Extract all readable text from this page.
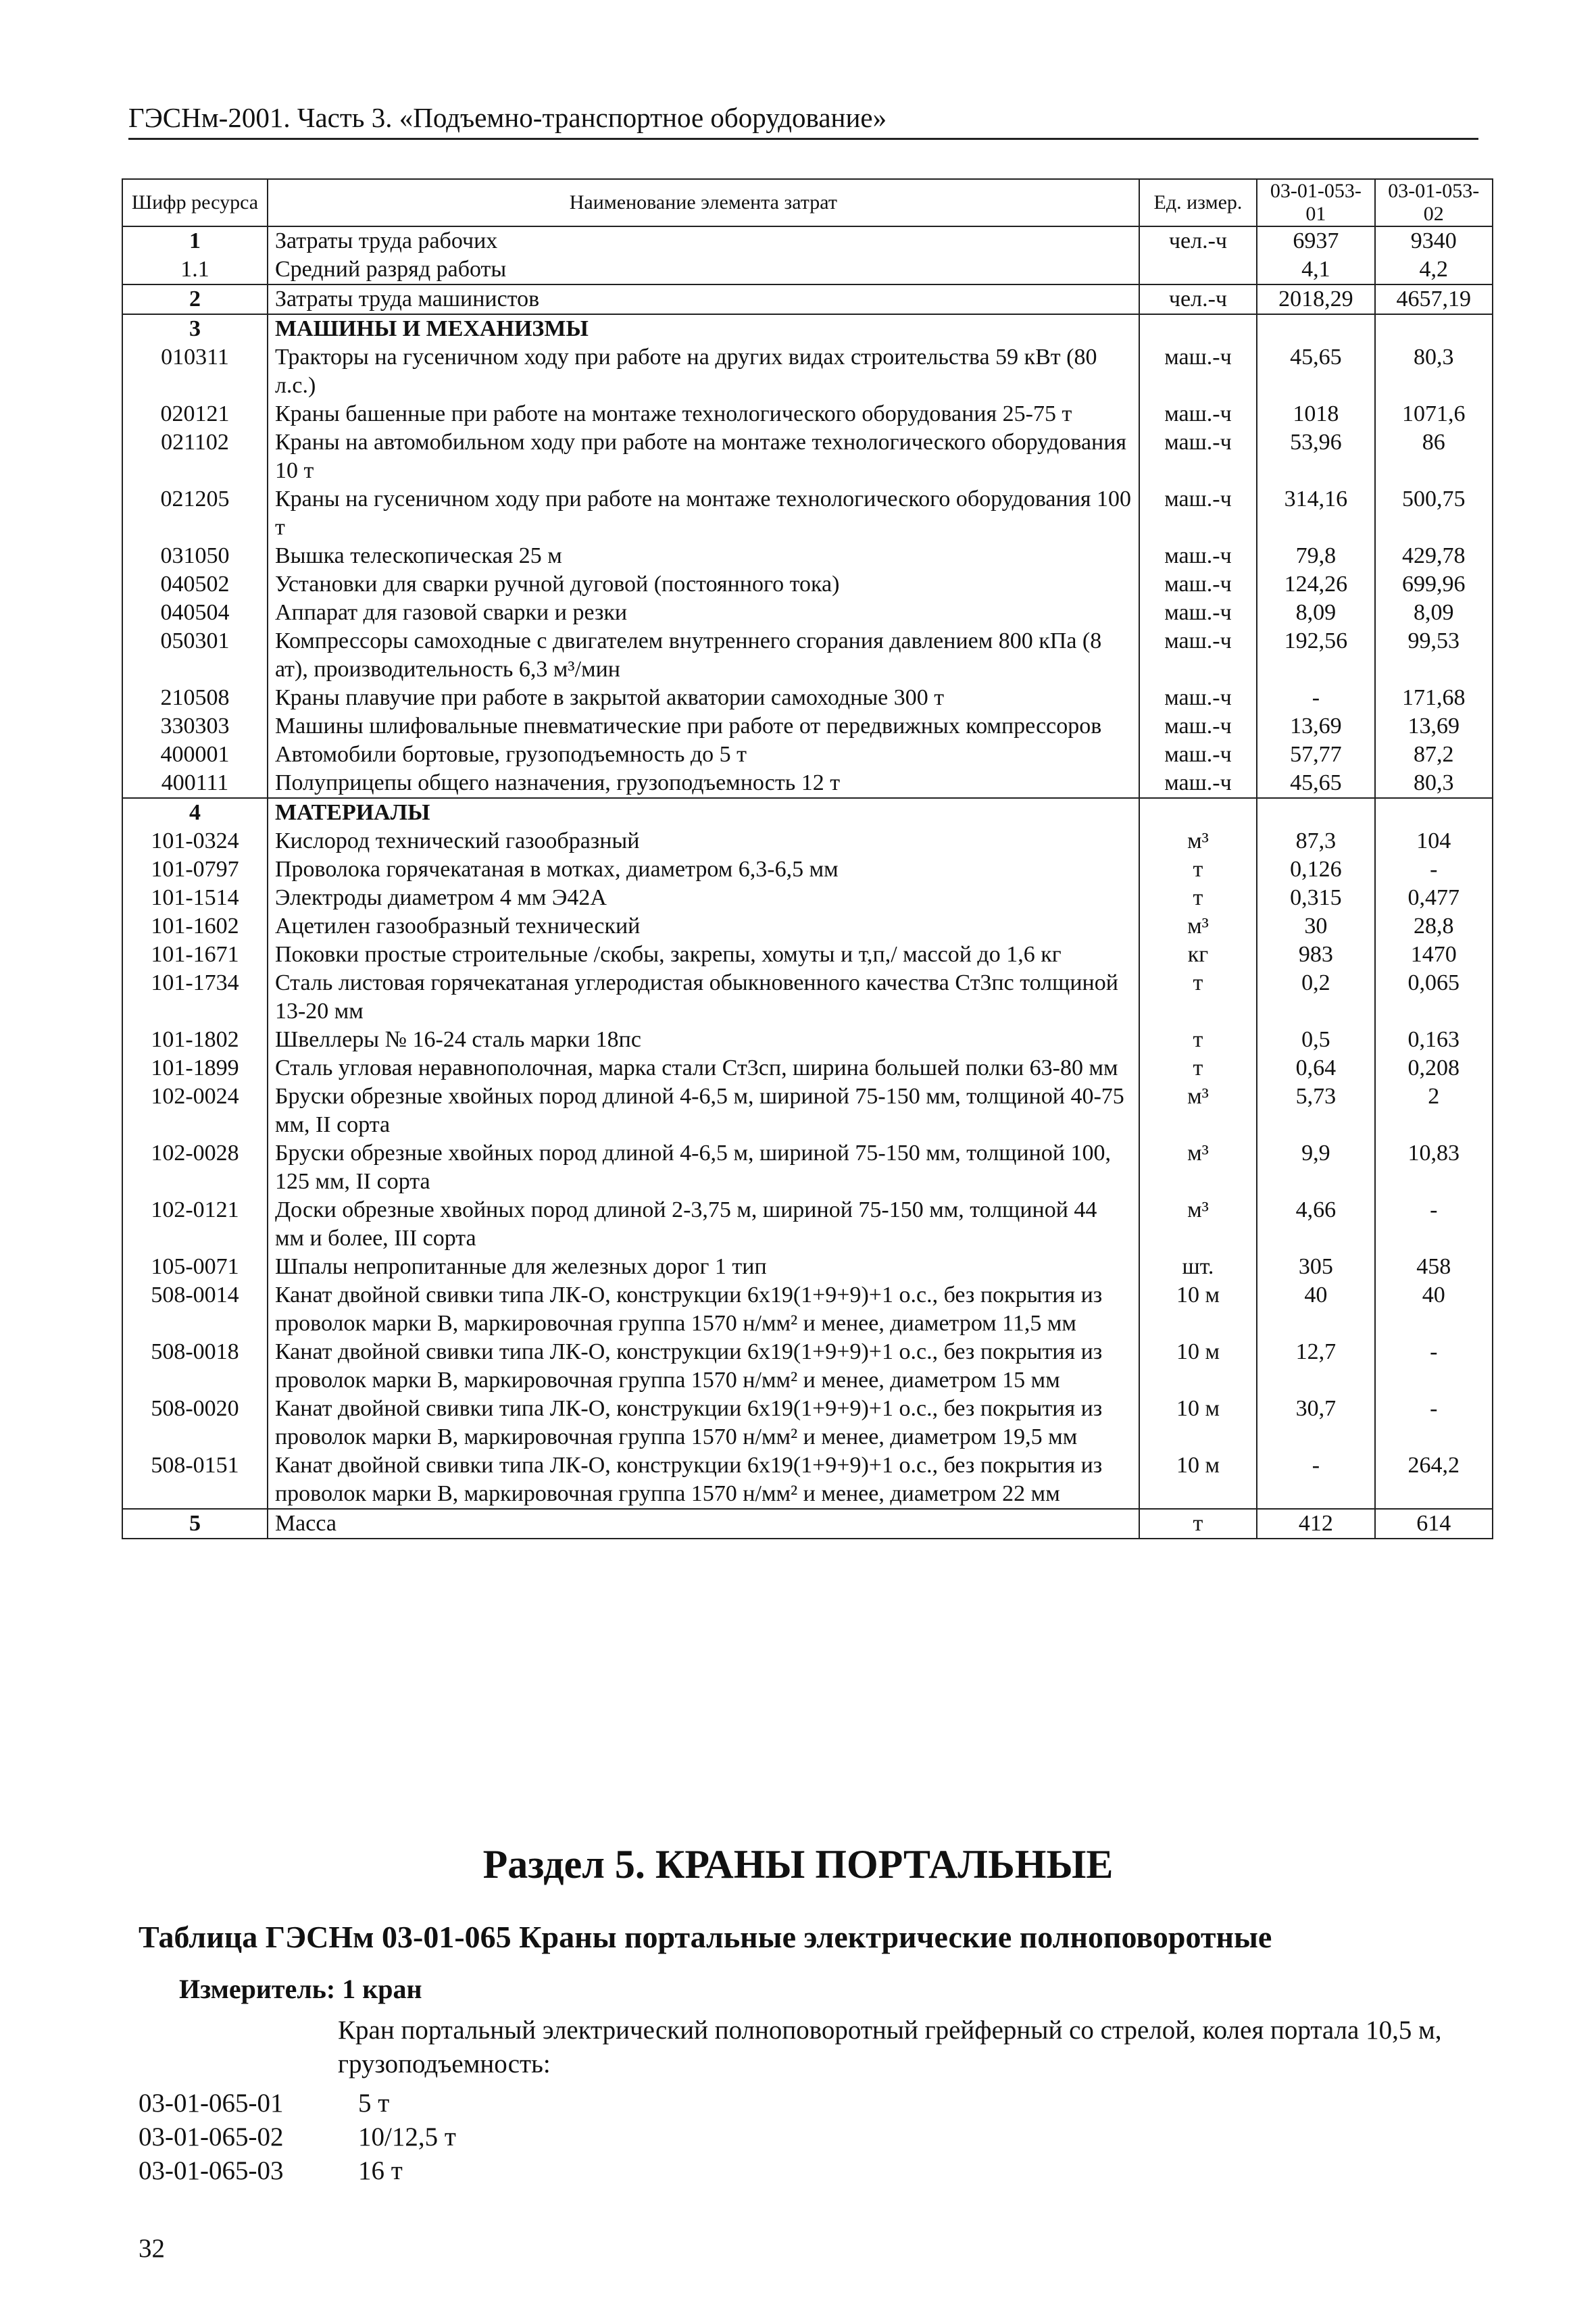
ГЭСНм-2001. Часть 3. «Подъемно-транспортное оборудование»
Шифр ресурса	Наименование элемента затрат	Ед. измер.	03-01-053-01	03-01-053-02
1	Затраты труда рабочих	чел.-ч	6937	9340
1.1	Средний разряд работы		4,1	4,2
2	Затраты труда машинистов	чел.-ч	2018,29	4657,19
3	МАШИНЫ И МЕХАНИЗМЫ			
010311	Тракторы на гусеничном ходу при работе на других видах строительства 59 кВт (80 л.с.)	маш.-ч	45,65	80,3
020121	Краны башенные при работе на монтаже технологического оборудования 25-75 т	маш.-ч	1018	1071,6
021102	Краны на автомобильном ходу при работе на монтаже технологического оборудования 10 т	маш.-ч	53,96	86
021205	Краны на гусеничном ходу при работе на монтаже технологического оборудования 100 т	маш.-ч	314,16	500,75
031050	Вышка телескопическая 25 м	маш.-ч	79,8	429,78
040502	Установки для сварки ручной дуговой (постоянного тока)	маш.-ч	124,26	699,96
040504	Аппарат для газовой сварки и резки	маш.-ч	8,09	8,09
050301	Компрессоры самоходные с двигателем внутреннего сгорания давлением 800 кПа (8 ат), производительность 6,3 м³/мин	маш.-ч	192,56	99,53
210508	Краны плавучие при работе в закрытой акватории самоходные 300 т	маш.-ч	-	171,68
330303	Машины шлифовальные пневматические при работе от передвижных компрессоров	маш.-ч	13,69	13,69
400001	Автомобили бортовые, грузоподъемность до 5 т	маш.-ч	57,77	87,2
400111	Полуприцепы общего назначения, грузоподъемность 12 т	маш.-ч	45,65	80,3
4	МАТЕРИАЛЫ			
101-0324	Кислород технический газообразный	м³	87,3	104
101-0797	Проволока горячекатаная в мотках, диаметром 6,3-6,5 мм	т	0,126	-
101-1514	Электроды диаметром 4 мм Э42А	т	0,315	0,477
101-1602	Ацетилен газообразный технический	м³	30	28,8
101-1671	Поковки простые строительные /скобы, закрепы, хомуты и т,п,/ массой до 1,6 кг	кг	983	1470
101-1734	Сталь листовая горячекатаная углеродистая обыкновенного качества Ст3пс толщиной 13-20 мм	т	0,2	0,065
101-1802	Швеллеры № 16-24 сталь марки 18пс	т	0,5	0,163
101-1899	Сталь угловая неравнополочная, марка стали Ст3сп, ширина большей полки 63-80 мм	т	0,64	0,208
102-0024	Бруски обрезные хвойных пород длиной 4-6,5 м, шириной 75-150 мм, толщиной 40-75 мм, II сорта	м³	5,73	2
102-0028	Бруски обрезные хвойных пород длиной 4-6,5 м, шириной 75-150 мм, толщиной 100, 125 мм, II сорта	м³	9,9	10,83
102-0121	Доски обрезные хвойных пород длиной 2-3,75 м, шириной 75-150 мм, толщиной 44 мм и более, III сорта	м³	4,66	-
105-0071	Шпалы непропитанные для железных дорог 1 тип	шт.	305	458
508-0014	Канат двойной свивки типа ЛК-О, конструкции 6х19(1+9+9)+1 о.с., без покрытия из проволок марки В, маркировочная группа 1570 н/мм² и менее, диаметром 11,5 мм	10 м	40	40
508-0018	Канат двойной свивки типа ЛК-О, конструкции 6х19(1+9+9)+1 о.с., без покрытия из проволок марки В, маркировочная группа 1570 н/мм² и менее, диаметром 15 мм	10 м	12,7	-
508-0020	Канат двойной свивки типа ЛК-О, конструкции 6х19(1+9+9)+1 о.с., без покрытия из проволок марки В, маркировочная группа 1570 н/мм² и менее, диаметром 19,5 мм	10 м	30,7	-
508-0151	Канат двойной свивки типа ЛК-О, конструкции 6х19(1+9+9)+1 о.с., без покрытия из проволок марки В, маркировочная группа 1570 н/мм² и менее, диаметром 22 мм	10 м	-	264,2
5	Масса	т	412	614
Раздел 5. КРАНЫ ПОРТАЛЬНЫЕ
Таблица ГЭСНм 03-01-065 Краны портальные электрические полноповоротные
Измеритель: 1 кран
Кран портальный электрический полноповоротный грейферный со стрелой, колея портала 10,5 м, грузоподъемность:
03-01-065-01	5 т
03-01-065-02	10/12,5 т
03-01-065-03	16 т
32
